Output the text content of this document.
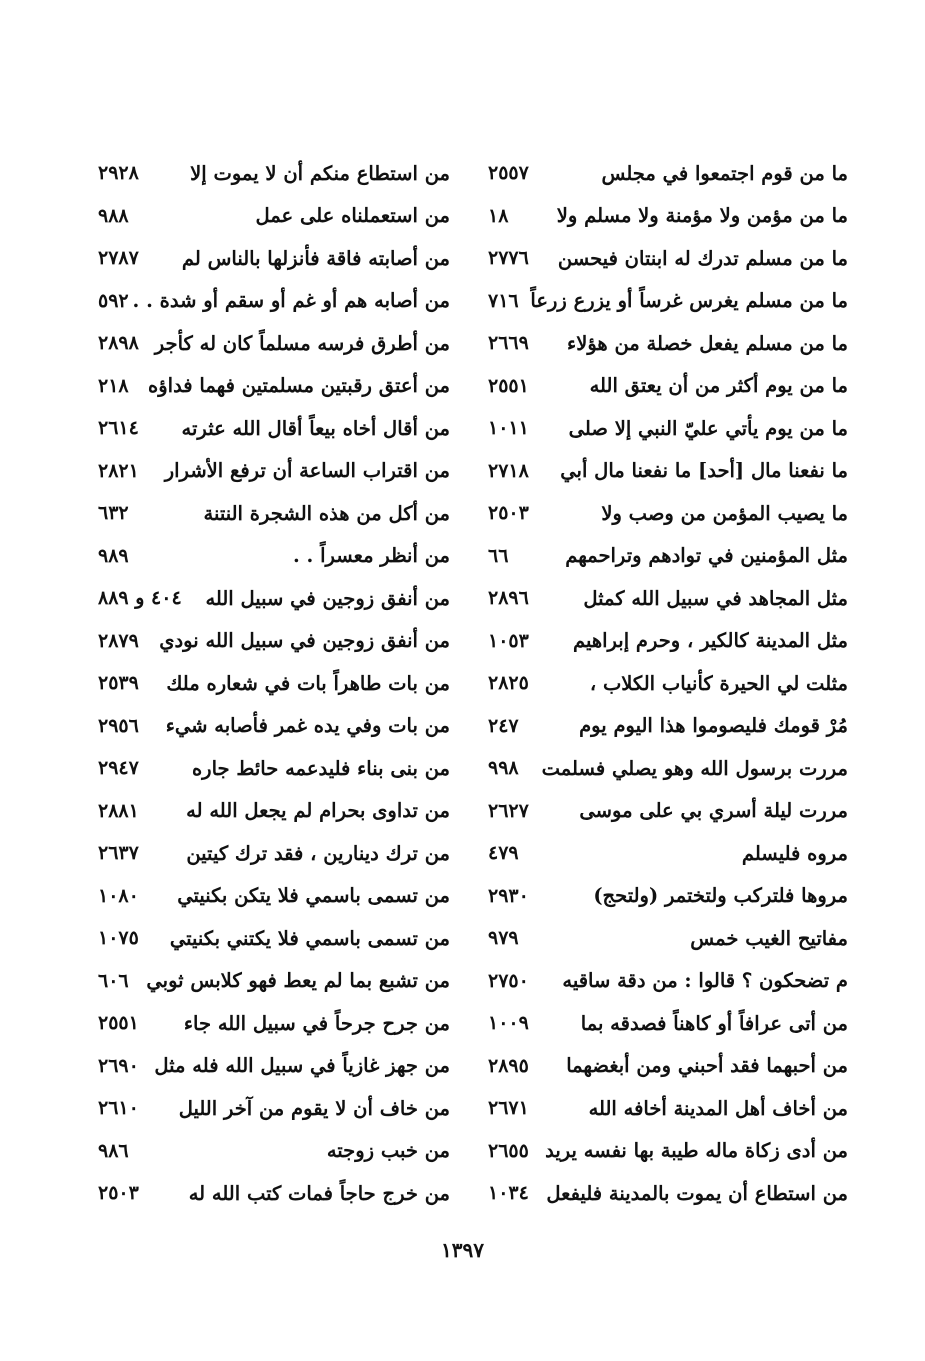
ما من قوم اجتمعوا في مجلس
٢٥٥٧
ما من مؤمن ولا مؤمنة ولا مسلم ولا
١٨
ما من مسلم تدرك له ابنتان فيحسن
٢٧٧٦
ما من مسلم يغرس غرساً أو يزرع زرعاً
٧١٦
ما من مسلم يفعل خصلة من هؤلاء
٢٦٦٩
ما من يوم أكثر من أن يعتق الله
٢٥٥١
ما من يوم يأتي عليّ النبي إلا صلى
١٠١١
ما نفعنا مال [أحد] ما نفعنا مال أبي
٢٧١٨
ما يصيب المؤمن من وصب ولا
٢٥٠٣
مثل المؤمنين في توادهم وتراحمهم
٦٦
مثل المجاهد في سبيل الله كمثل
٢٨٩٦
مثل المدينة كالكير ، وحرم إبراهيم
١٠٥٣
مثلت لي الحيرة كأنياب الكلاب ،
٢٨٢٥
مُرْ قومك فليصوموا هذا اليوم يوم
٢٤٧
مررت برسول الله وهو يصلي فسلمت
٩٩٨
مررت ليلة أسري بي على موسى
٢٦٢٧
مروه فليسلم
٤٧٩
مروها فلتركب ولتختمر (ولتحج)
٢٩٣٠
مفاتيح الغيب خمس
٩٧٩
م تضحكون ؟ قالوا : من دقة ساقيه
٢٧٥٠
من أتى عرافاً أو كاهناً فصدقه بما
١٠٠٩
من أحبهما فقد أحبني ومن أبغضهما
٢٨٩٥
من أخاف أهل المدينة أخافه الله
٢٦٧١
من أدى زكاة ماله طيبة بها نفسه يريد
٢٦٥٥
من استطاع أن يموت بالمدينة فليفعل
١٠٣٤
من استطاع منكم أن لا يموت إلا
٢٩٢٨
من استعملناه على عمل
٩٨٨
من أصابته فاقة فأنزلها بالناس لم
٢٧٨٧
من أصابه هم أو غم أو سقم أو شدة . .
٥٩٢
من أطرق فرسه مسلماً كان له كأجر
٢٨٩٨
من أعتق رقبتين مسلمتين فهما فداؤه
٢١٨
من أقال أخاه بيعاً أقال الله عثرته
٢٦١٤
من اقتراب الساعة أن ترفع الأشرار
٢٨٢١
من أكل من هذه الشجرة النتنة
٦٣٢
من أنظر معسراً . .
٩٨٩
من أنفق زوجين في سبيل الله
٤٠٤ و ٨٨٩
من أنفق زوجين في سبيل الله نودي
٢٨٧٩
من بات طاهراً بات في شعاره ملك
٢٥٣٩
من بات وفي يده غمر فأصابه شيء
٢٩٥٦
من بنى بناء فليدعمه حائط جاره
٢٩٤٧
من تداوى بحرام لم يجعل الله له
٢٨٨١
من ترك دينارين ، فقد ترك كيتين
٢٦٣٧
من تسمى باسمي فلا يتكن بكنيتي
١٠٨٠
من تسمى باسمي فلا يكتني بكنيتي
١٠٧٥
من تشبع بما لم يعط فهو كلابس ثوبي
٦٠٦
من جرح جرحاً في سبيل الله جاء
٢٥٥١
من جهز غازياً في سبيل الله فله مثل
٢٦٩٠
من خاف أن لا يقوم من آخر الليل
٢٦١٠
من خبب زوجته
٩٨٦
من خرج حاجاً فمات كتب الله له
٢٥٠٣
١٣٩٧
